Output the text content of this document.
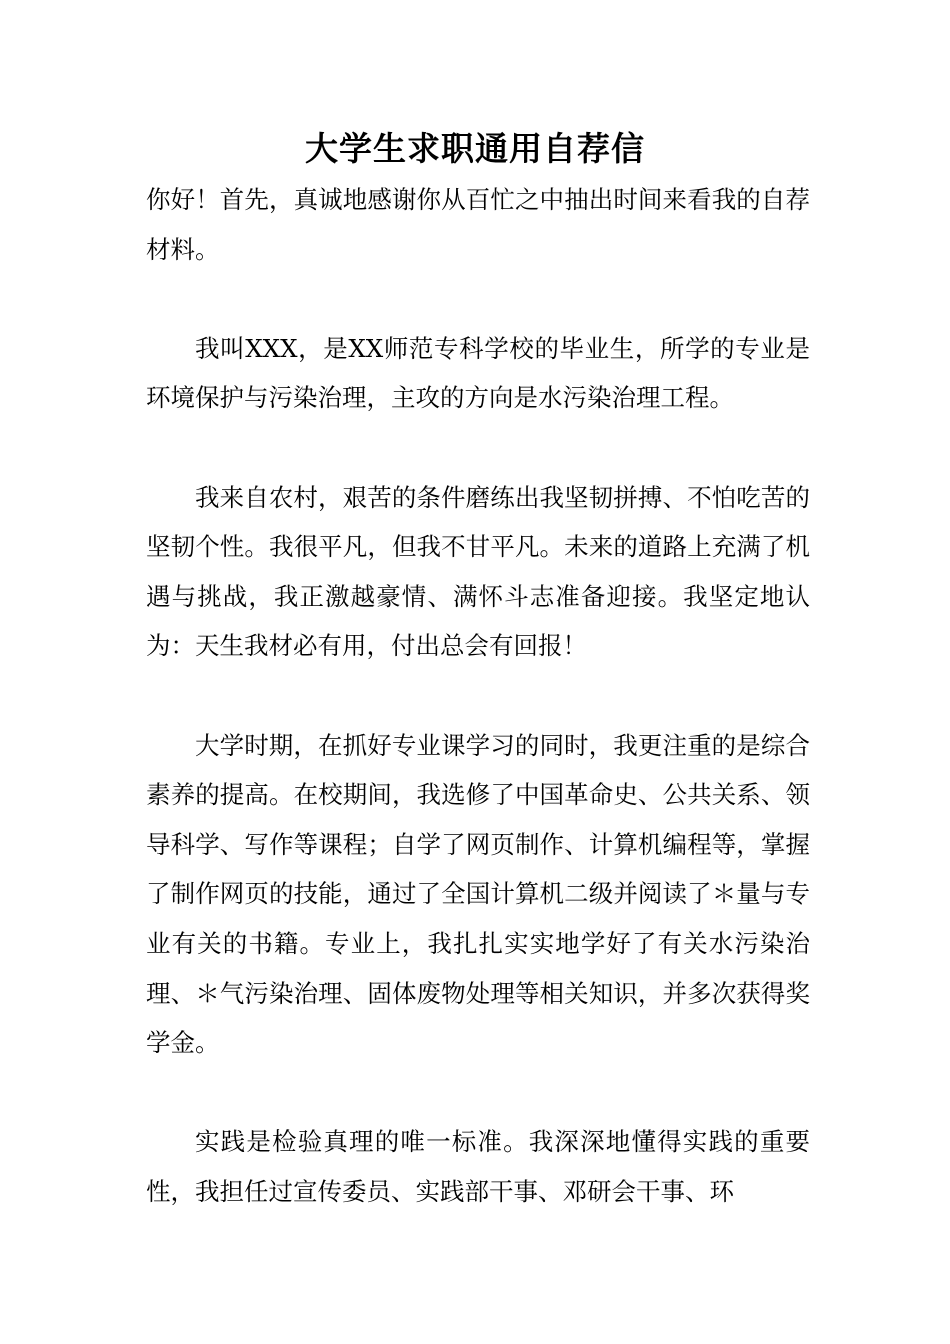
大学生求职通用自荐信

你好！首先，真诚地感谢你从百忙之中抽出时间来看我的自荐材料。

我叫XXX，是XX师范专科学校的毕业生，所学的专业是环境保护与污染治理，主攻的方向是水污染治理工程。

我来自农村，艰苦的条件磨练出我坚韧拼搏、不怕吃苦的坚韧个性。我很平凡，但我不甘平凡。未来的道路上充满了机遇与挑战，我正激越豪情、满怀斗志准备迎接。我坚定地认为：天生我材必有用，付出总会有回报！

大学时期，在抓好专业课学习的同时，我更注重的是综合素养的提高。在校期间，我选修了中国革命史、公共关系、领导科学、写作等课程；自学了网页制作、计算机编程等，掌握了制作网页的技能，通过了全国计算机二级并阅读了＊量与专业有关的书籍。专业上，我扎扎实实地学好了有关水污染治理、＊气污染治理、固体废物处理等相关知识，并多次获得奖学金。

实践是检验真理的唯一标准。我深深地懂得实践的重要性，我担任过宣传委员、实践部干事、邓研会干事、环
